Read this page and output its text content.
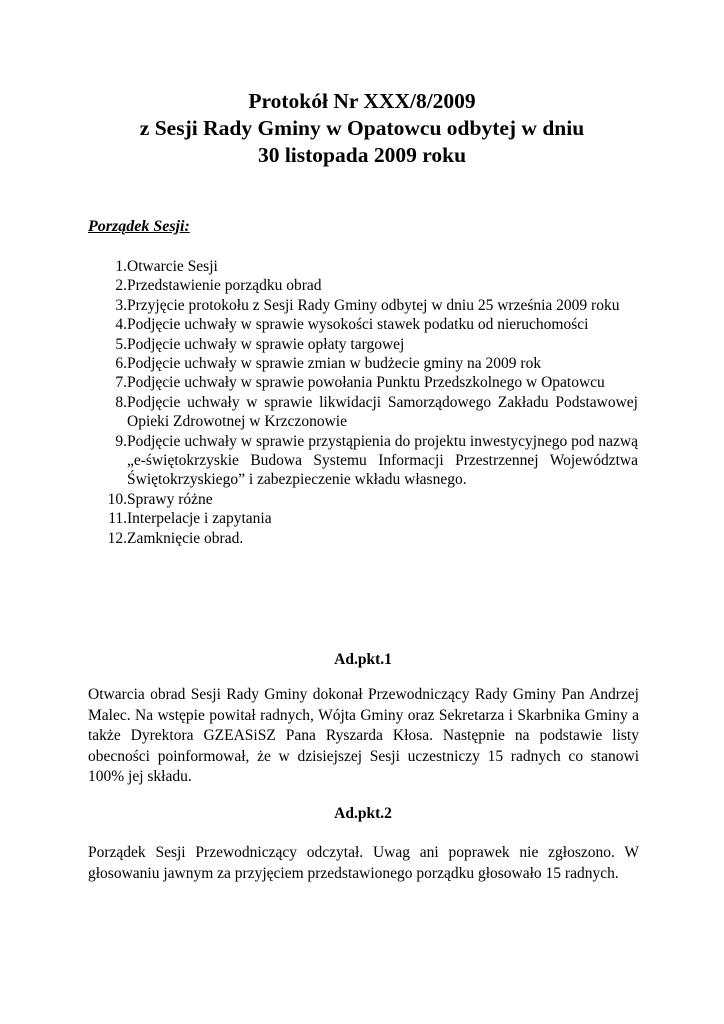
Protokół Nr XXX/8/2009
z Sesji Rady Gminy w Opatowcu odbytej w dniu
30 listopada 2009 roku
Porządek Sesji:
1. Otwarcie Sesji
2. Przedstawienie porządku obrad
3. Przyjęcie protokołu z Sesji Rady Gminy odbytej w dniu 25 września 2009 roku
4. Podjęcie uchwały w sprawie wysokości stawek podatku od nieruchomości
5. Podjęcie uchwały w sprawie opłaty targowej
6. Podjęcie uchwały w sprawie zmian w budżecie gminy na 2009 rok
7. Podjęcie uchwały w sprawie powołania Punktu Przedszkolnego w Opatowcu
8. Podjęcie uchwały w sprawie likwidacji Samorządowego Zakładu Podstawowej Opieki Zdrowotnej w Krzczonowie
9. Podjęcie uchwały w sprawie przystąpienia do projektu inwestycyjnego pod nazwą „e-świętokrzyskie Budowa Systemu Informacji Przestrzennej Województwa Świętokrzyskiego” i zabezpieczenie wkładu własnego.
10. Sprawy różne
11. Interpelacje i zapytania
12. Zamknięcie obrad.
Ad.pkt.1

Otwarcia obrad Sesji Rady Gminy dokonał Przewodniczący Rady Gminy Pan Andrzej Malec. Na wstępie powitał radnych, Wójta Gminy oraz Sekretarza i Skarbnika Gminy a także Dyrektora GZEASiSZ Pana Ryszarda Kłosa. Następnie na podstawie listy obecności poinformował, że w dzisiejszej Sesji uczestniczy 15 radnych co stanowi 100% jej składu.

Ad.pkt.2

Porządek Sesji Przewodniczący odczytał. Uwag ani poprawek nie zgłoszono. W głosowaniu jawnym za przyjęciem przedstawionego porządku głosowało 15 radnych.
